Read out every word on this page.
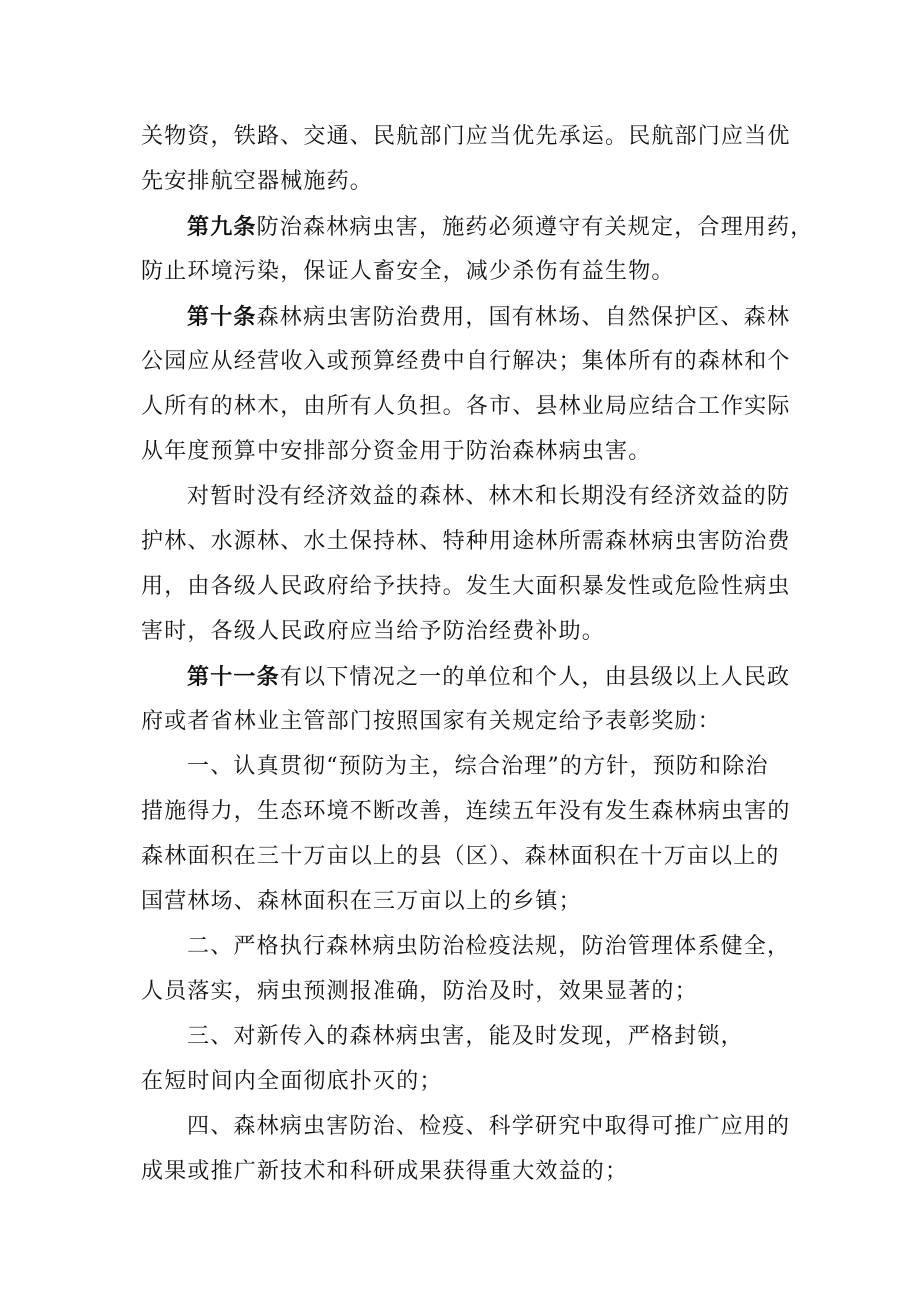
关物资，铁路、交通、民航部门应当优先承运。民航部门应当优
先安排航空器械施药。
第九条防治森林病虫害，施药必须遵守有关规定，合理用药，
防止环境污染，保证人畜安全，减少杀伤有益生物。
第十条森林病虫害防治费用，国有林场、自然保护区、森林
公园应从经营收入或预算经费中自行解决；集体所有的森林和个
人所有的林木，由所有人负担。各市、县林业局应结合工作实际
从年度预算中安排部分资金用于防治森林病虫害。
对暂时没有经济效益的森林、林木和长期没有经济效益的防
护林、水源林、水土保持林、特种用途林所需森林病虫害防治费
用，由各级人民政府给予扶持。发生大面积暴发性或危险性病虫
害时，各级人民政府应当给予防治经费补助。
第十一条有以下情况之一的单位和个人，由县级以上人民政
府或者省林业主管部门按照国家有关规定给予表彰奖励：
一、认真贯彻“预防为主，综合治理”的方针，预防和除治
措施得力，生态环境不断改善，连续五年没有发生森林病虫害的
森林面积在三十万亩以上的县（区）、森林面积在十万亩以上的
国营林场、森林面积在三万亩以上的乡镇；
二、严格执行森林病虫防治检疫法规，防治管理体系健全，
人员落实，病虫预测报准确，防治及时，效果显著的；
三、对新传入的森林病虫害，能及时发现，严格封锁，
在短时间内全面彻底扑灭的；
四、森林病虫害防治、检疫、科学研究中取得可推广应用的
成果或推广新技术和科研成果获得重大效益的；
